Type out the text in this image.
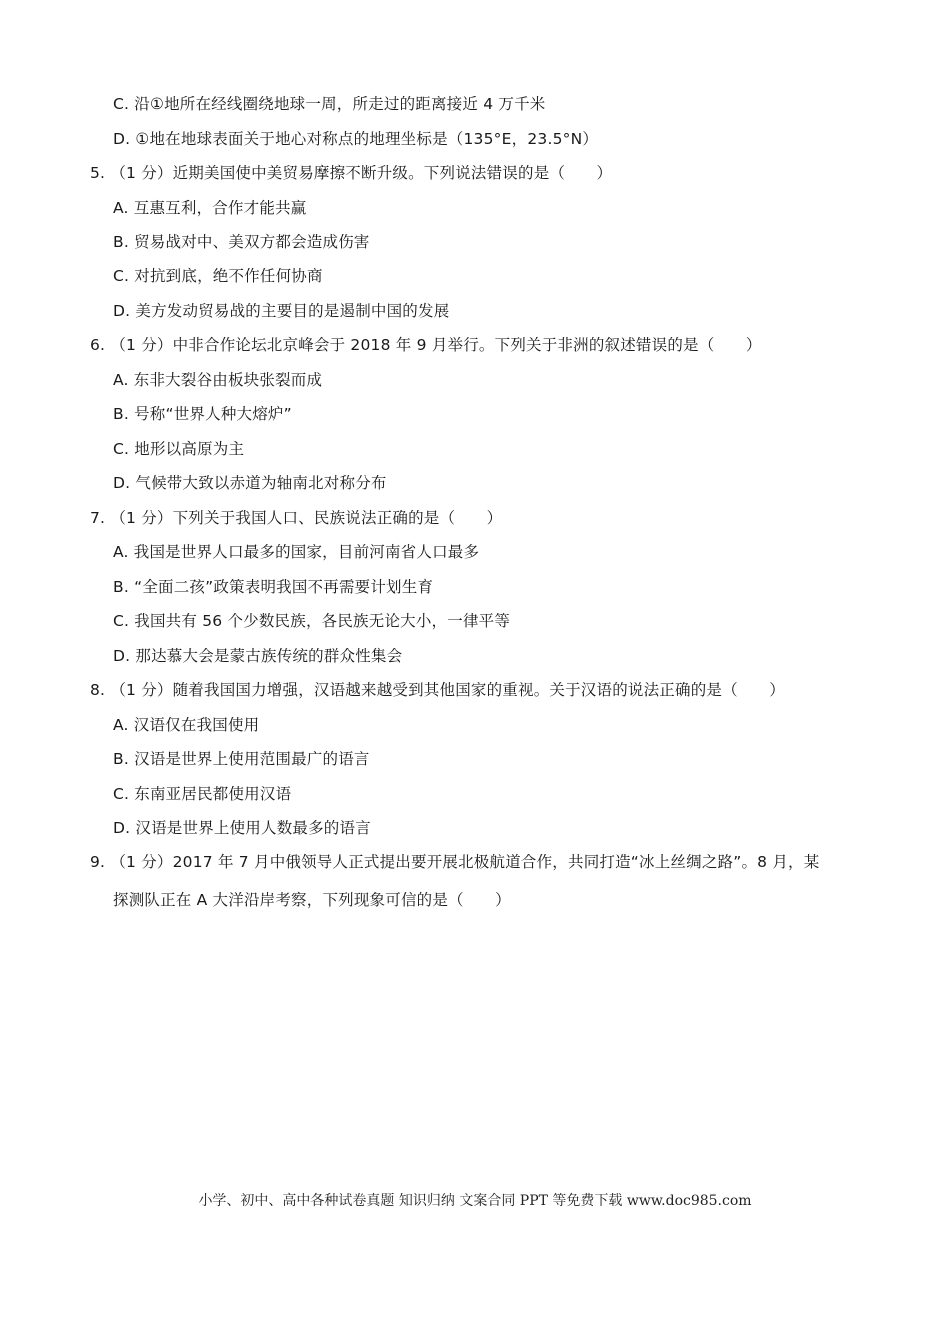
C. 沿①地所在经线圈绕地球一周，所走过的距离接近 4 万千米
D. ①地在地球表面关于地心对称点的地理坐标是（135°E，23.5°N）
5. （1 分）近期美国使中美贸易摩擦不断升级。下列说法错误的是（　　）
A. 互惠互利，合作才能共赢
B. 贸易战对中、美双方都会造成伤害
C. 对抗到底，绝不作任何协商
D. 美方发动贸易战的主要目的是遏制中国的发展
6. （1 分）中非合作论坛北京峰会于 2018 年 9 月举行。下列关于非洲的叙述错误的是（　　）
A. 东非大裂谷由板块张裂而成
B. 号称“世界人种大熔炉”
C. 地形以高原为主
D. 气候带大致以赤道为轴南北对称分布
7. （1 分）下列关于我国人口、民族说法正确的是（　　）
A. 我国是世界人口最多的国家，目前河南省人口最多
B. “全面二孩”政策表明我国不再需要计划生育
C. 我国共有 56 个少数民族，各民族无论大小，一律平等
D. 那达慕大会是蒙古族传统的群众性集会
8. （1 分）随着我国国力增强，汉语越来越受到其他国家的重视。关于汉语的说法正确的是（　　）
A. 汉语仅在我国使用
B. 汉语是世界上使用范围最广的语言
C. 东南亚居民都使用汉语
D. 汉语是世界上使用人数最多的语言
9. （1 分）2017 年 7 月中俄领导人正式提出要开展北极航道合作，共同打造“冰上丝绸之路”。8 月，某
探测队正在 A 大洋沿岸考察，下列现象可信的是（　　）
小学、初中、高中各种试卷真题 知识归纳 文案合同 PPT 等免费下载 www.doc985.com
